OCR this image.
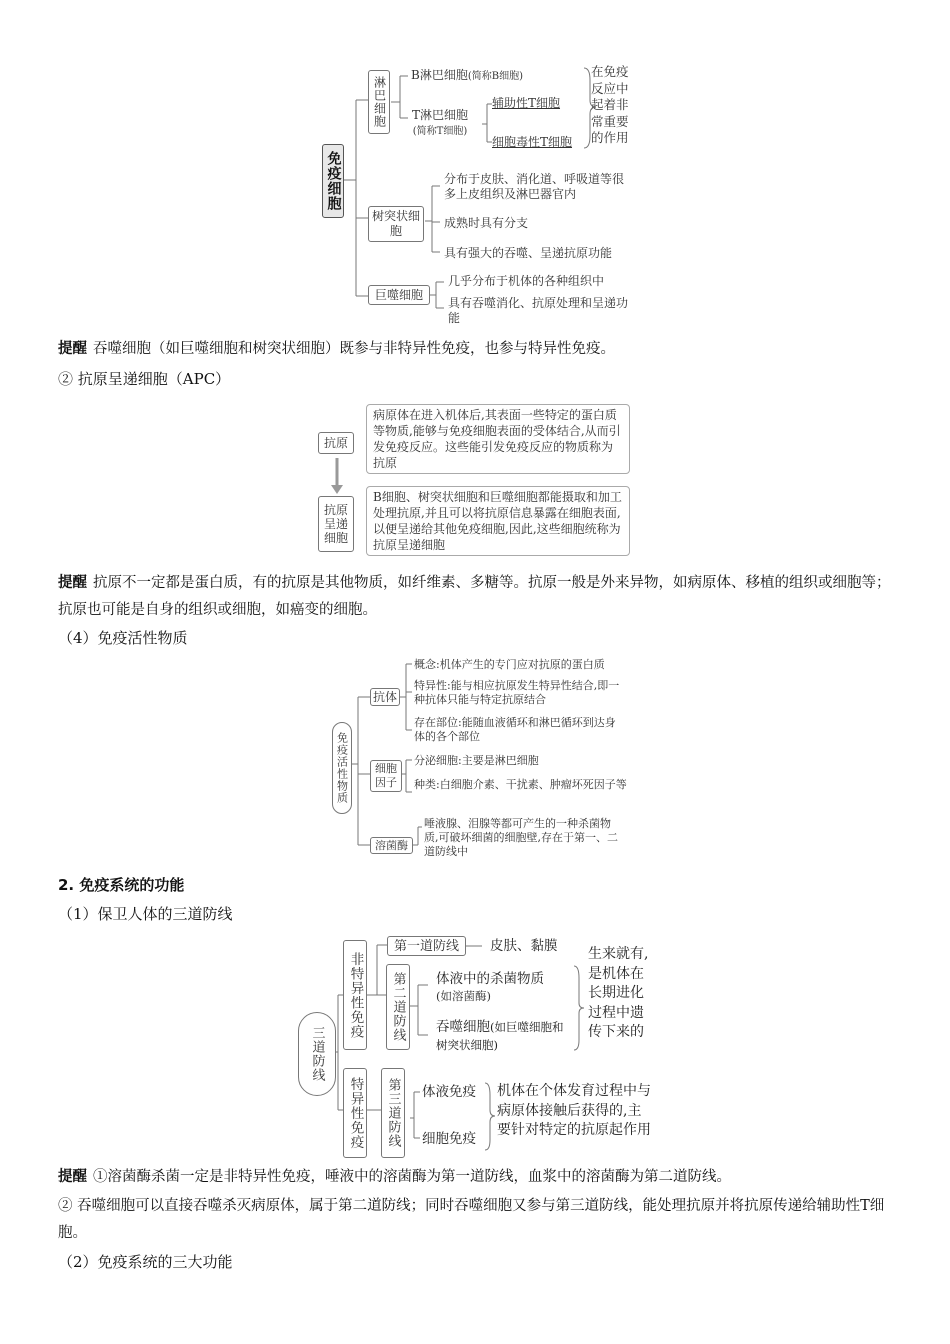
免疫细胞
淋巴细胞
B淋巴细胞(简称B细胞)
T淋巴细胞
(简称T细胞)
辅助性T细胞
细胞毒性T细胞
在免疫反应中起着非常重要的作用
树突状细胞
分布于皮肤、消化道、呼吸道等很多上皮组织及淋巴器官内
成熟时具有分支
具有强大的吞噬、呈递抗原功能
巨噬细胞
几乎分布于机体的各种组织中
具有吞噬消化、抗原处理和呈递功能
提醒 吞噬细胞（如巨噬细胞和树突状细胞）既参与非特异性免疫，也参与特异性免疫。
② 抗原呈递细胞（APC）
抗原
病原体在进入机体后,其表面一些特定的蛋白质等物质,能够与免疫细胞表面的受体结合,从而引发免疫反应。这些能引发免疫反应的物质称为抗原
抗原呈递细胞
B细胞、树突状细胞和巨噬细胞都能摄取和加工处理抗原,并且可以将抗原信息暴露在细胞表面,以便呈递给其他免疫细胞,因此,这些细胞统称为抗原呈递细胞
提醒 抗原不一定都是蛋白质，有的抗原是其他物质，如纤维素、多糖等。抗原一般是外来异物，如病原体、移植的组织或细胞等；抗原也可能是自身的组织或细胞，如癌变的细胞。
（4）免疫活性物质
免疫活性物质
抗体
概念:机体产生的专门应对抗原的蛋白质
特异性:能与相应抗原发生特异性结合,即一种抗体只能与特定抗原结合
存在部位:能随血液循环和淋巴循环到达身体的各个部位
细胞因子
分泌细胞:主要是淋巴细胞
种类:白细胞介素、干扰素、肿瘤坏死因子等
溶菌酶
唾液腺、泪腺等都可产生的一种杀菌物质,可破坏细菌的细胞壁,存在于第一、二道防线中
2. 免疫系统的功能
（1）保卫人体的三道防线
三道防线
非特异性免疫
特异性免疫
第一道防线	皮肤、黏膜
第二道防线	体液中的杀菌物质
(如溶菌酶)
吞噬细胞(如巨噬细胞和树突状细胞)
生来就有,是机体在长期进化过程中遗传下来的
第三道防线	体液免疫
细胞免疫
机体在个体发育过程中与病原体接触后获得的,主要针对特定的抗原起作用
提醒 ①溶菌酶杀菌一定是非特异性免疫，唾液中的溶菌酶为第一道防线，血浆中的溶菌酶为第二道防线。
② 吞噬细胞可以直接吞噬杀灭病原体，属于第二道防线；同时吞噬细胞又参与第三道防线，能处理抗原并将抗原传递给辅助性T细胞。
（2）免疫系统的三大功能
